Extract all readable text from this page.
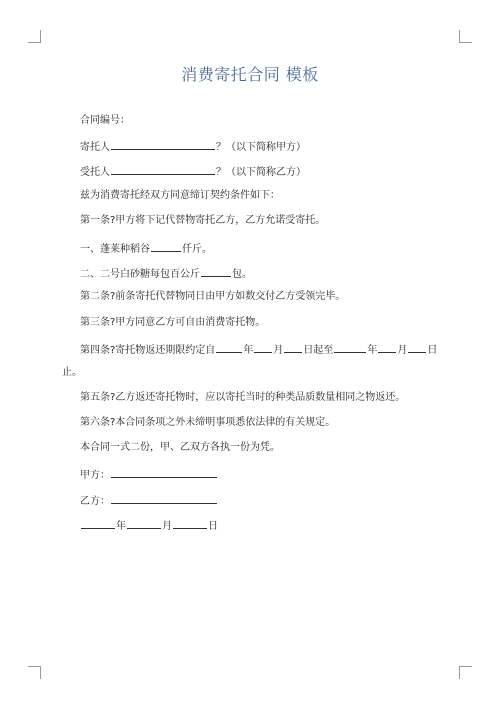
消费寄托合同 模板
合同编号：
寄托人	？（以下简称甲方）
受托人	？（以下简称乙方）
兹为消费寄托经双方同意缔订契约条件如下：
第一条?甲方将下记代替物寄托乙方，乙方允诺受寄托。
一、蓬莱种稻谷	仟斤。
二、二号白砂糖每包百公斤	包。
第二条?前条寄托代替物同日由甲方如数交付乙方受领完毕。
第三条?甲方同意乙方可自由消费寄托物。
第四条?寄托物返还期限约定自	年 月 日起至	年 月 日
止。
第五条?乙方返还寄托物时，应以寄托当时的种类品质数量相同之物返还。
第六条?本合同条项之外未缔明事项悉依法律的有关规定。
本合同一式二份，甲、乙双方各执一份为凭。
甲方：
乙方：
年	月	日
